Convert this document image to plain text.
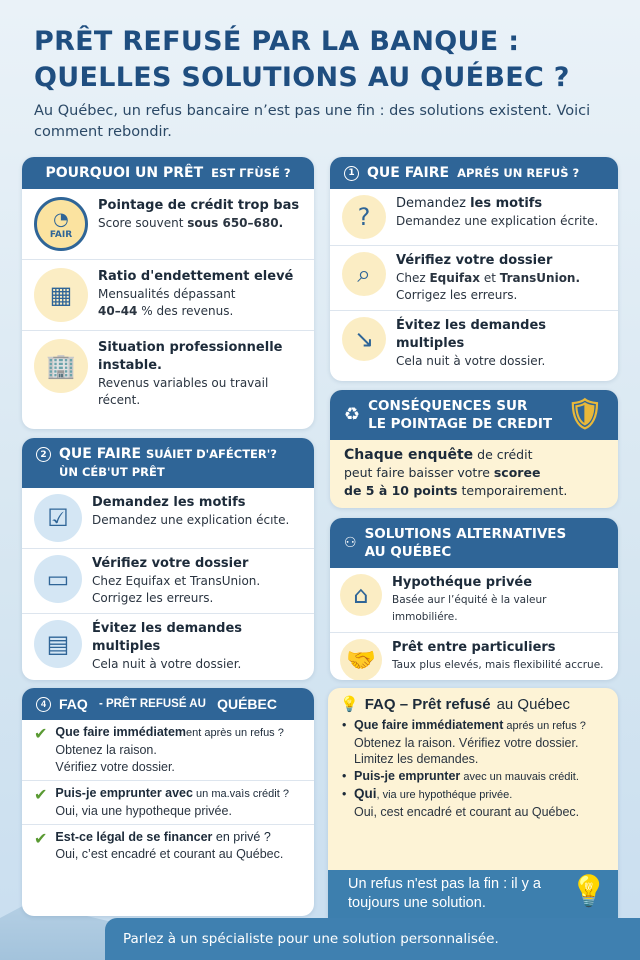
PRÊT REFUSÉ PAR LA BANQUE :
QUELLES SOLUTIONS AU QUÉBEC ?
Au Québec, un refus bancaire n’est pas une fin : des solutions existent. Voici comment rebondir.
POURQUOI UN PRÊT EST ΓFÙSÉ ?
◔
FAIR
Pointage de crédit trop bas
Score souvent sous 650–680.
▦
Ratio d'endettement elevé
Mensualités dépassant
40–44 % des revenus.
🏢
Situation professionnelle instable.
Revenus variables ou travail récent.
1 QUE FAIRE APRÉS UN REFUS̀ ?
?	Demandez les motifs
Demandez une explication écrite.
⌕	Vérifiez votre dossier
Chez Equifax et TransUnion.
Corrigez les erreurs.
↘	Évitez les demandes multiples
Cela nuit à votre dossier.
♻ CONSÉQUENCES SUR
LE POINTAGE DE CREDIT 🛡
Chaque enquête de crédit
peut faire baisser votre scoree
de 5 à 10 points temporairement.
2 QUE FAIRE SUÁIET D'AFÉCTER'?
ÙN CÉB'UT PRÊT
☑
Demandez les motifs
Demandez une explication écıte.
▭
Vérifiez votre dossier
Chez Equifax et TransUnion.
Corrigez les erreurs.
▤
Évitez les demandes multiples
Cela nuit à votre dossier.
⚇
SOLUTIONS ALTERNATIVES
AU QUÉBEC
⌂	Hypothéque privée
Basée aur l’équité è la valeur immobiliére.
🤝	Prêt entre particuliers
Taux plus elevés, mais flexibilité accrue.
4 FAQ - PRÊT REFUSÉ AU QUÉBEC
✔ Que faire immédiatement après un refus ?
Obtenez la raison.
Vérifiez votre dossier.
✔ Puis-je emprunter avec un ma.vaìs crédit ?
Oui, via une hypotheque privée.
✔ Est-ce légal de se financer en privé ?
Oui, c’est encadré et courant au Québec.
💡 FAQ – Prêt refusé au Québec
• Que faire immédiatement aprés un refus ?
Obtenez la raison. Vérifiez votre dossier. Limitez les demandes.
• Puis-je emprunter avec un mauvais crédit.
• Qui, via ure hypothéque privée.
Oui, cest encadré et courant au Québec.
Un refus n'est pas la fin : il y a toujours une solution.	💡
Parlez à un spécialiste pour une solution personnalisée.
